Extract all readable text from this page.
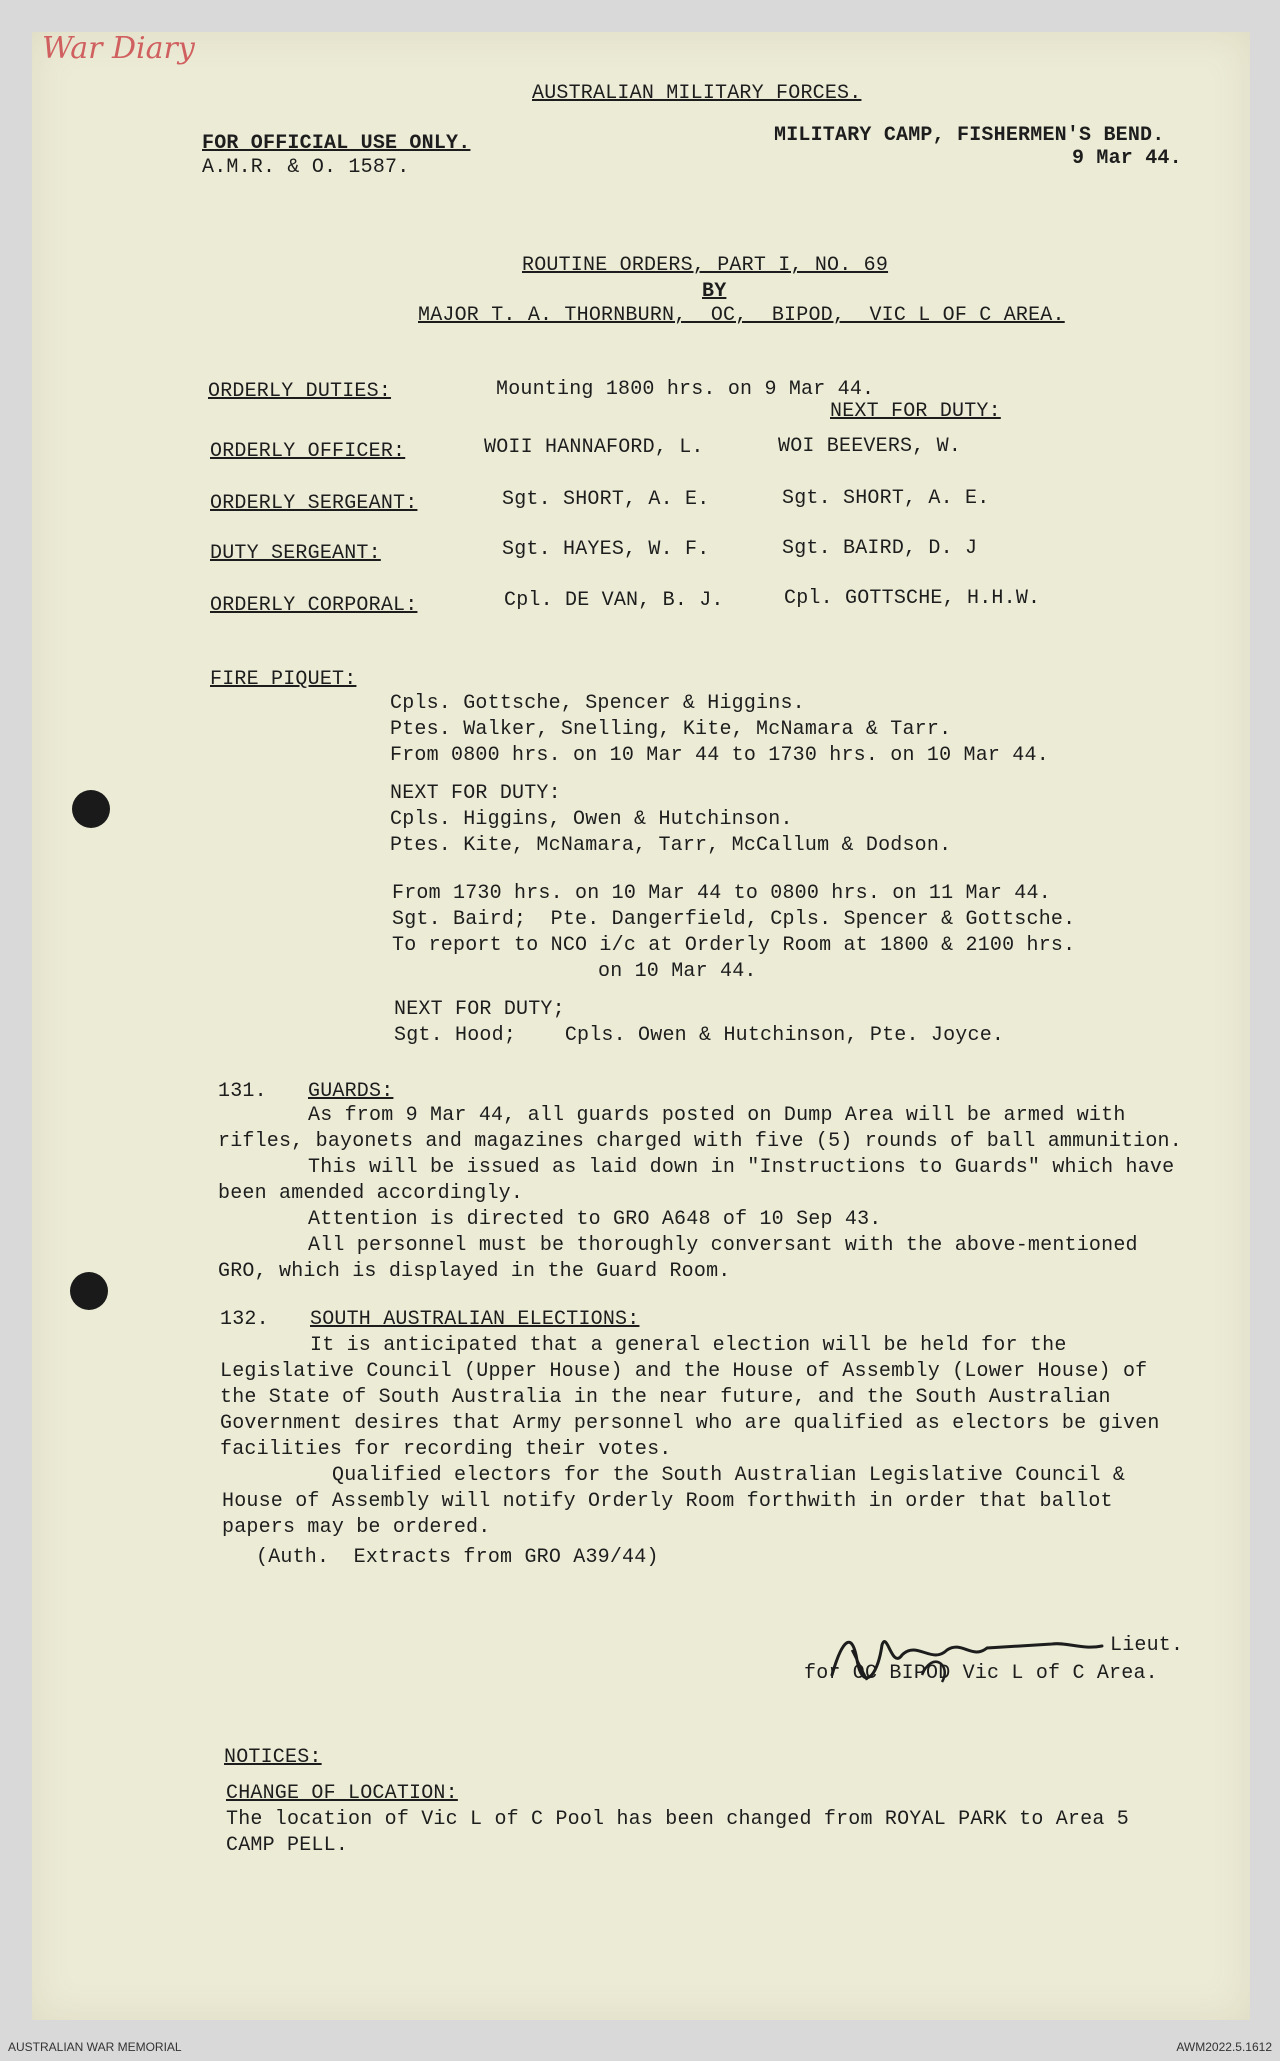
War Diary
AUSTRALIAN MILITARY FORCES.
FOR OFFICIAL USE ONLY.
A.M.R. & O. 1587.
MILITARY CAMP, FISHERMEN'S BEND.
9 Mar 44.
ROUTINE ORDERS, PART I, NO. 69
BY
MAJOR T. A. THORNBURN,  OC,  BIPOD,  VIC L OF C AREA.
ORDERLY DUTIES:	Mounting 1800 hrs. on 9 Mar 44.
NEXT FOR DUTY:
ORDERLY OFFICER:	WOII HANNAFORD, L.	WOI BEEVERS, W.
ORDERLY SERGEANT:	Sgt. SHORT, A. E.	Sgt. SHORT, A. E.
DUTY SERGEANT:	Sgt. HAYES, W. F.	Sgt. BAIRD, D. J
ORDERLY CORPORAL:	Cpl. DE VAN, B. J.	Cpl. GOTTSCHE, H.H.W.
FIRE PIQUET:
Cpls. Gottsche, Spencer & Higgins.
Ptes. Walker, Snelling, Kite, McNamara & Tarr.
From 0800 hrs. on 10 Mar 44 to 1730 hrs. on 10 Mar 44.
NEXT FOR DUTY:
Cpls. Higgins, Owen & Hutchinson.
Ptes. Kite, McNamara, Tarr, McCallum & Dodson.
From 1730 hrs. on 10 Mar 44 to 0800 hrs. on 11 Mar 44.
Sgt. Baird;  Pte. Dangerfield, Cpls. Spencer & Gottsche.
To report to NCO i/c at Orderly Room at 1800 & 2100 hrs.
on 10 Mar 44.
NEXT FOR DUTY;
Sgt. Hood;    Cpls. Owen & Hutchinson, Pte. Joyce.
131. GUARDS:
As from 9 Mar 44, all guards posted on Dump Area will be armed with
rifles, bayonets and magazines charged with five (5) rounds of ball ammunition.
This will be issued as laid down in "Instructions to Guards" which have
been amended accordingly.
Attention is directed to GRO A648 of 10 Sep 43.
All personnel must be thoroughly conversant with the above-mentioned
GRO, which is displayed in the Guard Room.
132. SOUTH AUSTRALIAN ELECTIONS:
It is anticipated that a general election will be held for the
Legislative Council (Upper House) and the House of Assembly (Lower House) of
the State of South Australia in the near future, and the South Australian
Government desires that Army personnel who are qualified as electors be given
facilities for recording their votes.
Qualified electors for the South Australian Legislative Council &
House of Assembly will notify Orderly Room forthwith in order that ballot
papers may be ordered.
(Auth.  Extracts from GRO A39/44)
Lieut.
for OC BIPOD Vic L of C Area.
NOTICES:
CHANGE OF LOCATION:
The location of Vic L of C Pool has been changed from ROYAL PARK to Area 5
CAMP PELL.
AUSTRALIAN WAR MEMORIAL	AWM2022.5.1612
